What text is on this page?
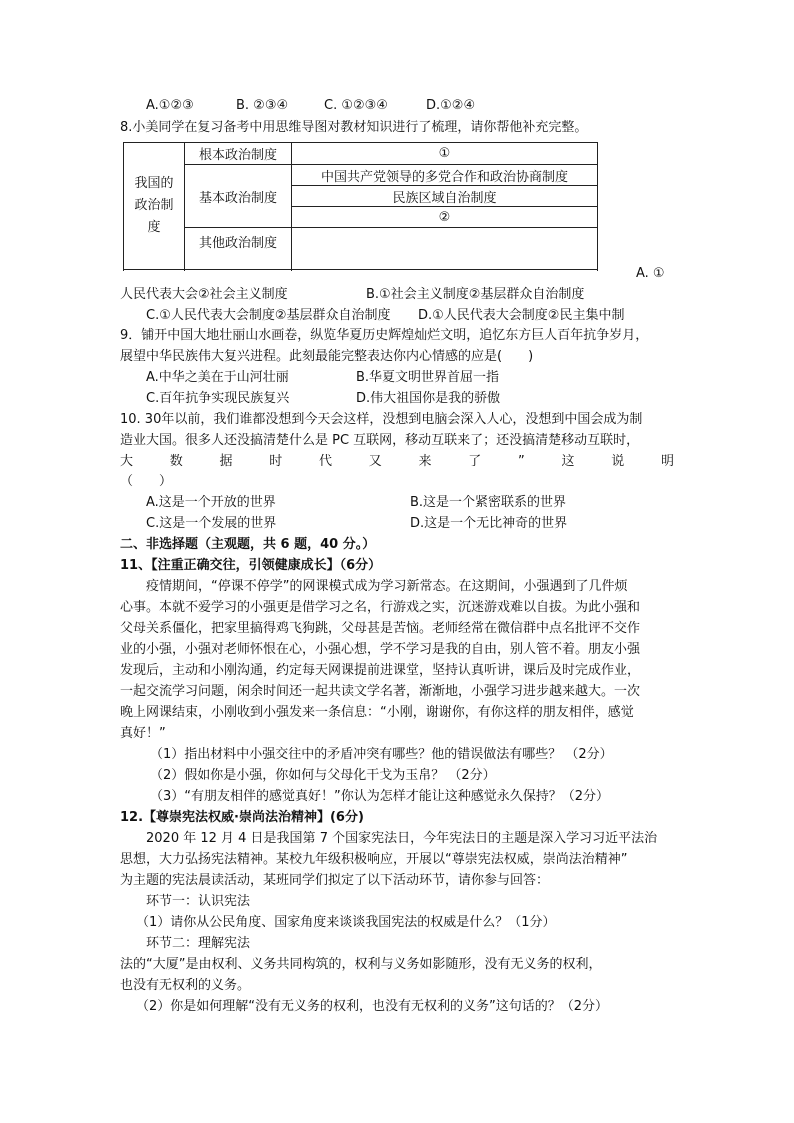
A.①②③	B. ②③④	C. ①②③④	D.①②④
8.小美同学在复习备考中用思维导图对教材知识进行了梳理，请你帮他补充完整。
我国的政治制度	根本政治制度	①
	基本政治制度	中国共产党领导的多党合作和政治协商制度
		民族区域自治制度
		②
	其他政治制度	

A. ①
人民代表大会②社会主义制度	B.①社会主义制度②基层群众自治制度
C.①人民代表大会制度②基层群众自治制度 D.①人民代表大会制度②民主集中制
9．铺开中国大地壮丽山水画卷，纵览华夏历史辉煌灿烂文明，追忆东方巨人百年抗争岁月，
展望中华民族伟大复兴进程。此刻最能完整表达你内心情感的应是(　　)
A.中华之美在于山河壮丽	B.华夏文明世界首屈一指
C.百年抗争实现民族复兴	D.伟大祖国你是我的骄傲
10. 30年以前，我们谁都没想到今天会这样，没想到电脑会深入人心，没想到中国会成为制
造业大国。很多人还没搞清楚什么是 PC 互联网，移动互联来了；还没搞清楚移动互联时，
大	数	据	时	代	又	来	了	”	这	说	明
（　　）
A.这是一个开放的世界	B.这是一个紧密联系的世界
C.这是一个发展的世界	D.这是一个无比神奇的世界
二、非选择题（主观题，共 6 题，40 分。）
11、【注重正确交往，引领健康成长】（6分）
疫情期间，“停课不停学”的网课模式成为学习新常态。在这期间，小强遇到了几件烦
心事。本就不爱学习的小强更是借学习之名，行游戏之实，沉迷游戏难以自拔。为此小强和
父母关系僵化，把家里搞得鸡飞狗跳，父母甚是苦恼。老师经常在微信群中点名批评不交作
业的小强，小强对老师怀恨在心，小强心想，学不学习是我的自由，别人管不着。朋友小强
发现后，主动和小刚沟通，约定每天网课提前进课堂，坚持认真听讲，课后及时完成作业，
一起交流学习问题，闲余时间还一起共读文学名著，渐渐地，小强学习进步越来越大。一次
晚上网课结束，小刚收到小强发来一条信息：“小刚，谢谢你，有你这样的朋友相伴，感觉
真好！”
（1）指出材料中小强交往中的矛盾冲突有哪些？他的错误做法有哪些？ （2分）
（2）假如你是小强，你如何与父母化干戈为玉帛？ （2分）
（3）“有朋友相伴的感觉真好！”你认为怎样才能让这种感觉永久保持？（2分）
12.【尊崇宪法权威·崇尚法治精神】(6分)
2020 年 12 月 4 日是我国第 7 个国家宪法日，今年宪法日的主题是深入学习习近平法治
思想，大力弘扬宪法精神。某校九年级积极响应，开展以“尊崇宪法权威，崇尚法治精神”
为主题的宪法晨读活动，某班同学们拟定了以下活动环节，请你参与回答：
环节一：认识宪法
（1）请你从公民角度、国家角度来谈谈我国宪法的权威是什么？（1分）
环节二：理解宪法
法的“大厦”是由权利、义务共同构筑的，权利与义务如影随形，没有无义务的权利，
也没有无权利的义务。
（2）你是如何理解“没有无义务的权利，也没有无权利的义务”这句话的？（2分）
